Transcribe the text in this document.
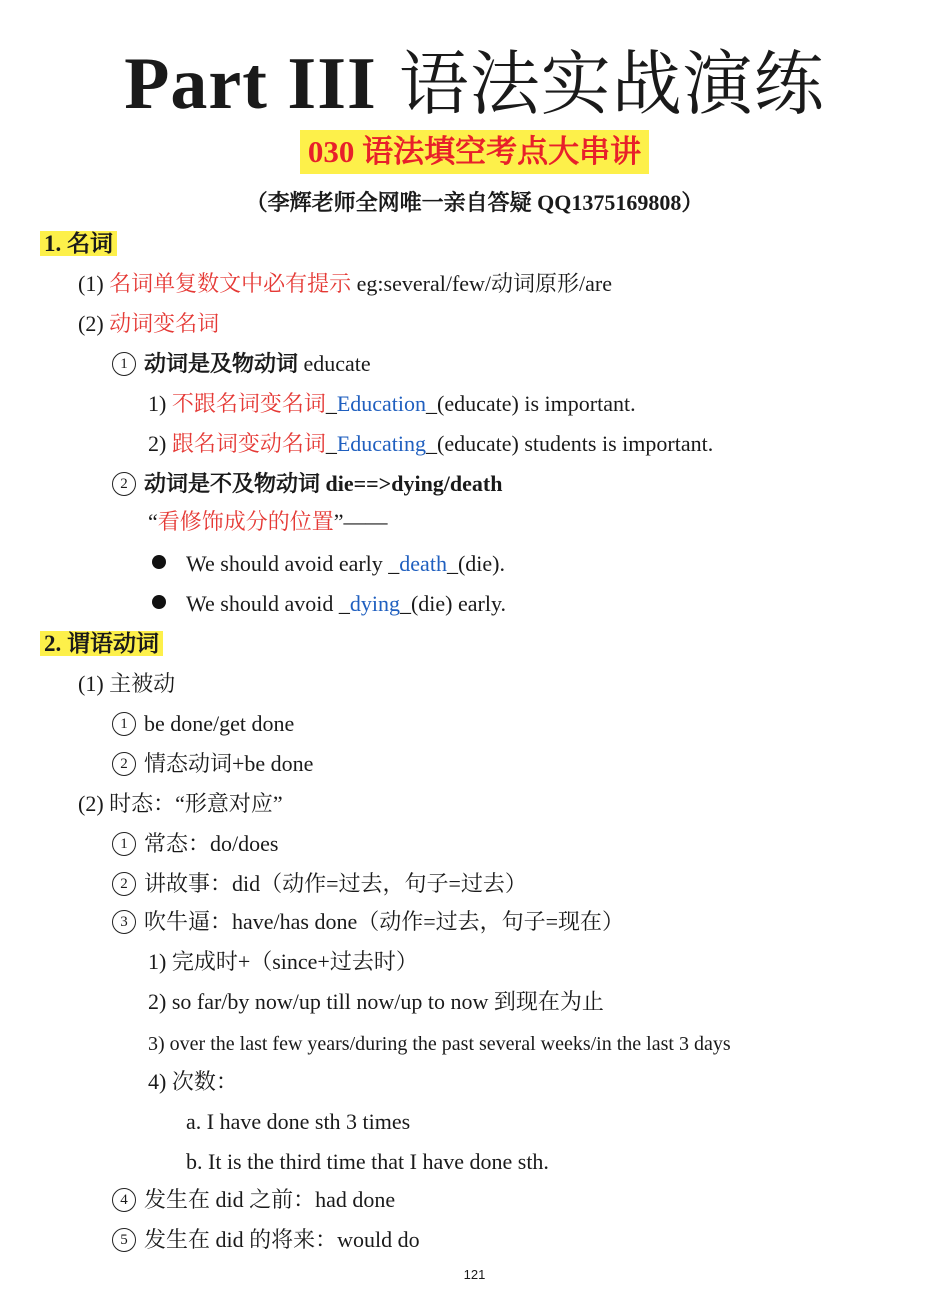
Part III 语法实战演练
030 语法填空考点大串讲
（李辉老师全网唯一亲自答疑 QQ1375169808）
1. 名词
(1) 名词单复数文中必有提示 eg:several/few/动词原形/are
(2) 动词变名词
1 动词是及物动词 educate
1) 不跟名词变名词_Education_(educate) is important.
2) 跟名词变动名词_Educating_(educate) students is important.
2 动词是不及物动词 die==>dying/death
“看修饰成分的位置”——
We should avoid early _death_(die).
We should avoid _dying_(die) early.
2. 谓语动词
(1) 主被动
1 be done/get done
2 情态动词+be done
(2) 时态：“形意对应”
1 常态：do/does
2 讲故事：did（动作=过去，句子=过去）
3 吹牛逼：have/has done（动作=过去，句子=现在）
1) 完成时+（since+过去时）
2) so far/by now/up till now/up to now 到现在为止
3) over the last few years/during the past several weeks/in the last 3 days
4) 次数：
a. I have done sth 3 times
b. It is the third time that I have done sth.
4 发生在 did 之前：had done
5 发生在 did 的将来：would do
121
